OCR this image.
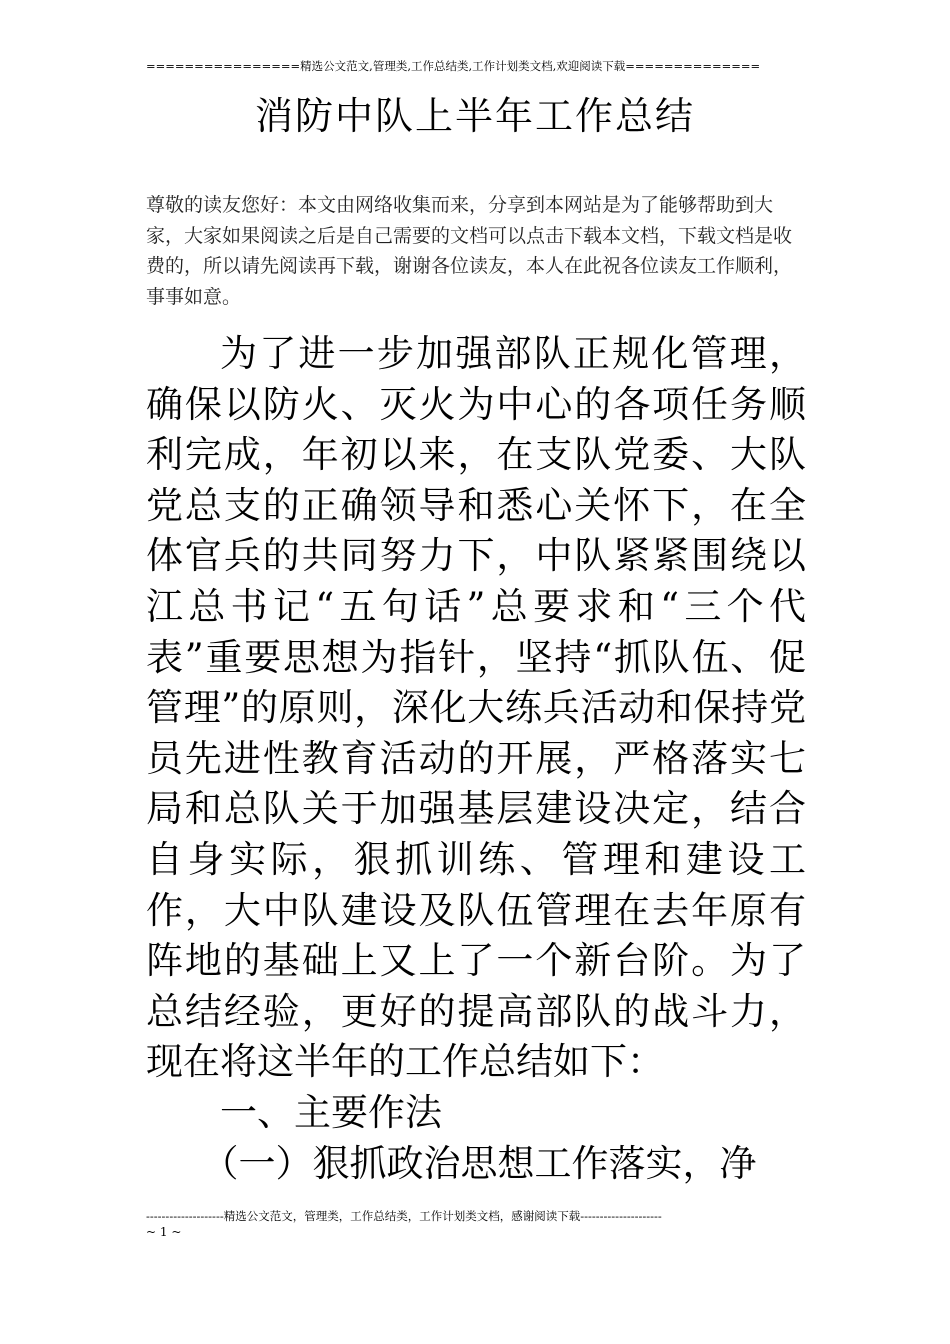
================精选公文范文,管理类,工作总结类,工作计划类文档,欢迎阅读下载==============
消防中队上半年工作总结
尊敬的读友您好：本文由网络收集而来，分享到本网站是为了能够帮助到大家，大家如果阅读之后是自己需要的文档可以点击下载本文档，下载文档是收费的，所以请先阅读再下载，谢谢各位读友，本人在此祝各位读友工作顺利，事事如意。

为了进一步加强部队正规化管理，确保以防火、灭火为中心的各项任务顺利完成，年初以来，在支队党委、大队党总支的正确领导和悉心关怀下，在全体官兵的共同努力下，中队紧紧围绕以江总书记“五句话”总要求和“三个代表”重要思想为指针，坚持“抓队伍、促管理”的原则，深化大练兵活动和保持党员先进性教育活动的开展，严格落实七局和总队关于加强基层建设决定，结合自身实际，狠抓训练、管理和建设工作，大中队建设及队伍管理在去年原有阵地的基础上又上了一个新台阶。为了总结经验，更好的提高部队的战斗力，现在将这半年的工作总结如下：

一、主要作法

（一）狠抓政治思想工作落实，净

--------------------精选公文范文，管理类，工作总结类，工作计划类文档，感谢阅读下载---------------------
~ 1 ~
